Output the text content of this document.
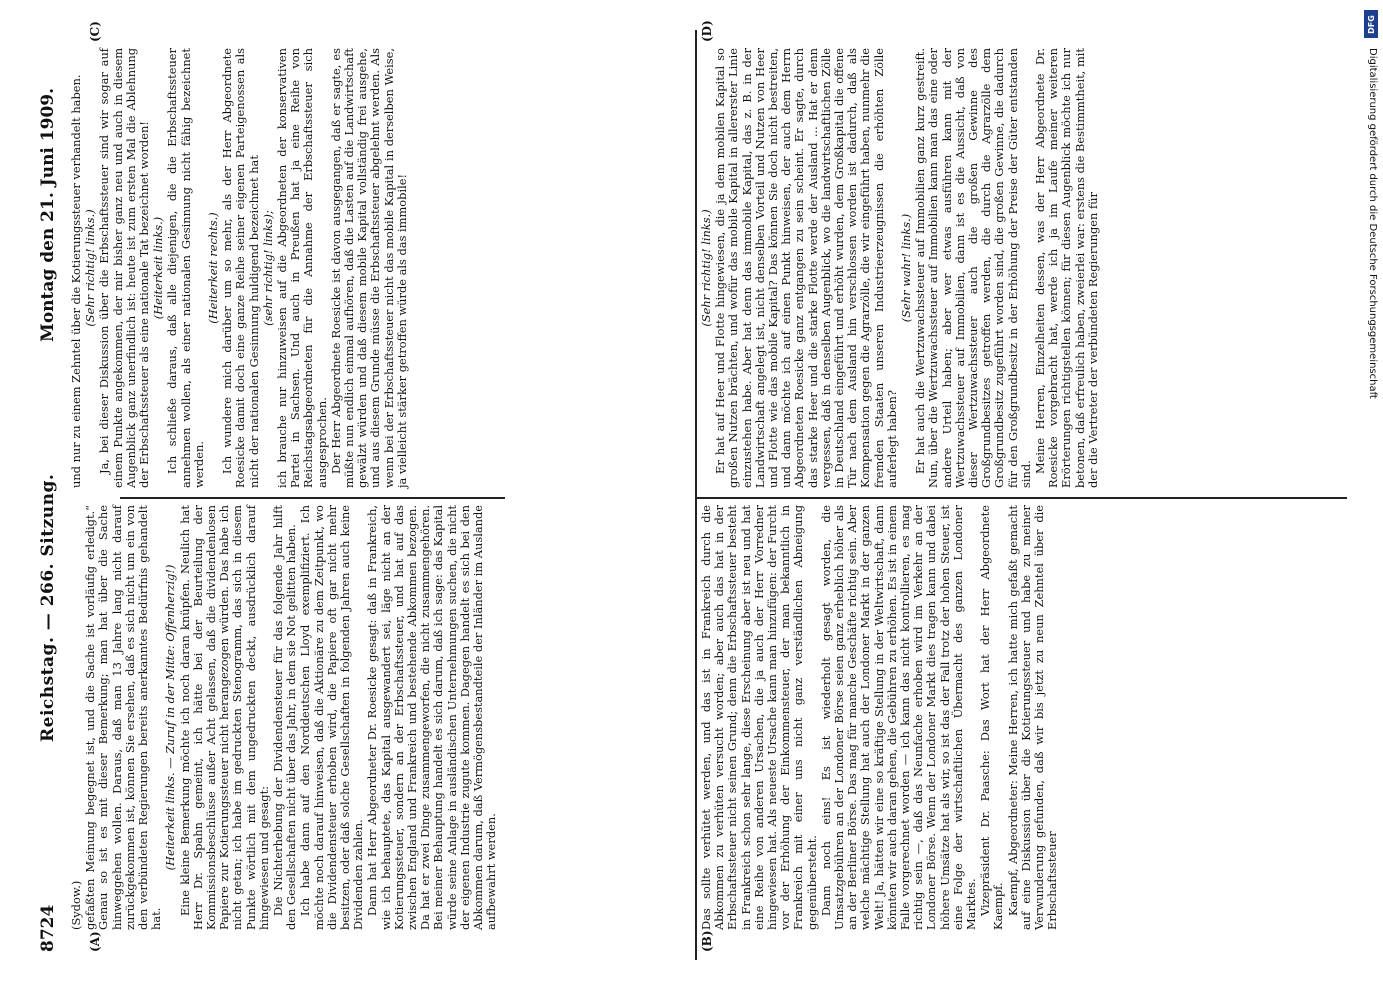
8724
Reichstag. — 266. Sitzung.
Montag den 21. Juni 1909.
(A)	(B)
(C)	(D)

(Sydow.) gefaßten Meinung begegnet ist, und die Sache ist vorläufig erledigt.“ Genau so ist es mit dieser Bemerkung; man hat über die Sache hinweggehen wollen. Daraus, daß man 13 Jahre lang nicht darauf zurückgekommen ist, können Sie ersehen, daß es sich nicht um ein von den verbündeten Regierungen bereits anerkanntes Bedürfnis gehandelt hat.

(Heiterkeit links. — Zuruf in der Mitte: Offenherzig!) Eine kleine Bemerkung möchte ich noch daran knüpfen. Neulich hat Herr Dr. Spahn gemeint, ich hätte bei der Beurteilung der Kommissionsbeschlüsse außer Acht gelassen, daß die dividendenlosen Papiere zur Kotierungssteuer nicht herangezogen würden. Das habe ich nicht getan; ich habe im gedruckten Stenogramm, das sich in diesem Punkte wörtlich mit dem ungedruckten deckt, ausdrücklich darauf hingewiesen und gesagt: Die Nichterhebung der Dividendensteuer für das folgende Jahr hilft den Gesellschaften nicht über das Jahr, in dem sie Not gelitten haben. Ich habe dann auf den Norddeutschen Lloyd exemplifiziert. Ich möchte noch darauf hinweisen, daß die Aktionäre zu dem Zeitpunkt, wo die Dividendensteuer erhoben wird, die Papiere oft gar nicht mehr besitzen, oder daß solche Gesellschaften in folgenden Jahren auch keine Dividenden zahlen. Dann hat Herr Abgeordneter Dr. Roesicke gesagt: daß in Frankreich, wie ich behauptete, das Kapital ausgewandert sei, läge nicht an der Kotierungssteuer, sondern an der Erbschaftssteuer, und hat auf das zwischen England und Frankreich und bestehende Abkommen bezogen. Da hat er zwei Dinge zusammengeworfen, die nicht zusammengehören. Bei meiner Behauptung handelt es sich darum, daß ich sage: das Kapital würde seine Anlage in ausländischen Unternehmungen suchen, die nicht der eigenen Industrie zugute kommen. Dagegen handelt es sich bei den Abkommen darum, daß Vermögensbestandteile der Inländer im Auslande aufbewahrt werden.

und nur zu einem Zehntel über die Kotierungssteuer verhandelt haben. (Sehr richtig! links.) Ja, bei dieser Diskussion über die Erbschaftssteuer sind wir sogar auf einem Punkte angekommen, der mir bisher ganz neu und auch in diesem Augenblick ganz unerfindlich ist: heute ist zum ersten Mal die Ablehnung der Erbschaftssteuer als eine nationale Tat bezeichnet worden! (Heiterkeit links.) Ich schließe daraus, daß alle diejenigen, die die Erbschaftssteuer annehmen wollen, als einer nationalen Gesinnung nicht fähig bezeichnet werden.

(Heiterkeit rechts.) Ich wundere mich darüber um so mehr, als der Herr Abgeordnete Roesicke damit doch eine ganze Reihe seiner eigenen Parteigenossen als nicht der nationalen Gesinnung huldigend bezeichnet hat (sehr richtig! links); ich brauche nur hinzuweisen auf die Abgeordneten der konservativen Partei in Sachsen. Und auch in Preußen hat ja eine Reihe von Reichstagsabgeordneten für die Annahme der Erbschaftssteuer sich ausgesprochen. Der Herr Abgeordnete Roesicke ist davon ausgegangen, daß er sagte, es müßte nun endlich einmal aufhören, daß die Lasten auf die Landwirtschaft gewälzt würden und daß diesem mobile Kapital vollständig frei ausgehe, und aus diesem Grunde müsse die Erbschaftssteuer abgelehnt werden. Als wenn bei der Erbschaftssteuer nicht das mobile Kapital in derselben Weise, ja vielleicht stärker getroffen würde als das immobile!

Das sollte verhütet werden, und das ist in Frankreich durch die Abkommen zu verhüten versucht worden; aber auch das hat in der Erbschaftssteuer nicht seinen Grund; denn die Erbschaftssteuer besteht in Frankreich schon sehr lange, diese Erscheinung aber ist neu und hat eine Reihe von anderen Ursachen, die ja auch der Herr Vorredner hingewiesen hat. Als neueste Ursache kann man hinzufügen: der Furcht vor der Erhöhung der Einkommensteuer, der man bekanntlich in Frankreich mit einer uns nicht ganz verständlichen Abneigung gegenübersteht. Dann noch eins! Es ist wiederholt gesagt worden, die Umsatzgebühren an der Londoner Börse seien ganz erheblich höher als an der Berliner Börse. Das mag für manche Geschäfte richtig sein. Aber welche mächtige Stellung hat auch der Londoner Markt in der ganzen Welt! Ja, hätten wir eine so kräftige Stellung in der Weltwirtschaft, dann könnten wir auch daran gehen, die Gebühren zu erhöhen. Es ist in einem Falle vorgerechnet worden — ich kann das nicht kontrollieren, es mag richtig sein —, daß das Neunfache erhoben wird im Verkehr an der Londoner Börse. Wenn der Londoner Markt dies tragen kann und dabei höhere Umsätze hat als wir, so ist das der Fall trotz der hohen Steuer, ist eine Folge der wirtschaftlichen Übermacht des ganzen Londoner Marktes. Vizepräsident Dr. Paasche: Das Wort hat der Herr Abgeordnete Kaempf. Kaempf, Abgeordneter: Meine Herren, ich hatte mich gefaßt gemacht auf eine Diskussion über die Kotierungssteuer und habe zu meiner Verwunderung gefunden, daß wir bis jetzt zu neun Zehntel über die Erbschaftssteuer

(Sehr richtig! links.) Er hat auf Heer und Flotte hingewiesen, die ja dem mobilen Kapital so großen Nutzen brächten, und wofür das mobile Kapital in allererster Linie einzustehen habe. Aber hat denn das immobile Kapital, das z. B. in der Landwirtschaft angelegt ist, nicht denselben Vorteil und Nutzen von Heer und Flotte wie das mobile Kapital? Das können Sie doch nicht bestreiten, und dann möchte ich auf einen Punkt hinweisen, der auch dem Herrn Abgeordneten Roesicke ganz entgangen zu sein scheint. Er sagte, durch das starke Heer und die starke Flotte werde der Ausland ... Hat er denn vergessen, daß in denselben Augenblick, wo die landwirtschaftlichen Zölle in Deutschland eingeführt und erhöht wurden, dem Großkapital die offene Tür nach dem Ausland hin verschlossen worden ist dadurch, daß als Kompensation gegen die Agrarzölle, die wir eingeführt haben, nunmehr die fremden Staaten unseren Industrieerzeugnissen die erhöhten Zölle auferlegt haben?

(Sehr wahr! links.) Er hat auch die Wertzuwachssteuer auf Immobilien ganz kurz gestreift. Nun, über die Wertzuwachssteuer auf Immobilien kann man das eine oder andere Urteil haben; aber wer etwas ausführen kann mit der Wertzuwachssteuer auf Immobilien, dann ist es die Aussicht, daß von dieser Wertzuwachssteuer auch die großen Gewinne des Großgrundbesitzes getroffen werden, die durch die Agrarzölle dem Großgrundbesitz zugeführt worden sind, die großen Gewinne, die dadurch für den Großgrundbesitz in der Erhöhung der Preise der Güter entstanden sind.

Meine Herren, Einzelheiten dessen, was der Herr Abgeordnete Dr. Roesicke vorgebracht hat, werde ich ja im Laufe meiner weiteren Erörterungen richtigstellen können; für diesen Augenblick möchte ich nur betonen, daß erfreulich haben, zweierlei war: erstens die Bestimmtheit, mit der die Vertreter der verbündeten Regierungen für

DFG
Digitalisierung gefördert durch die Deutsche Forschungsgemeinschaft
